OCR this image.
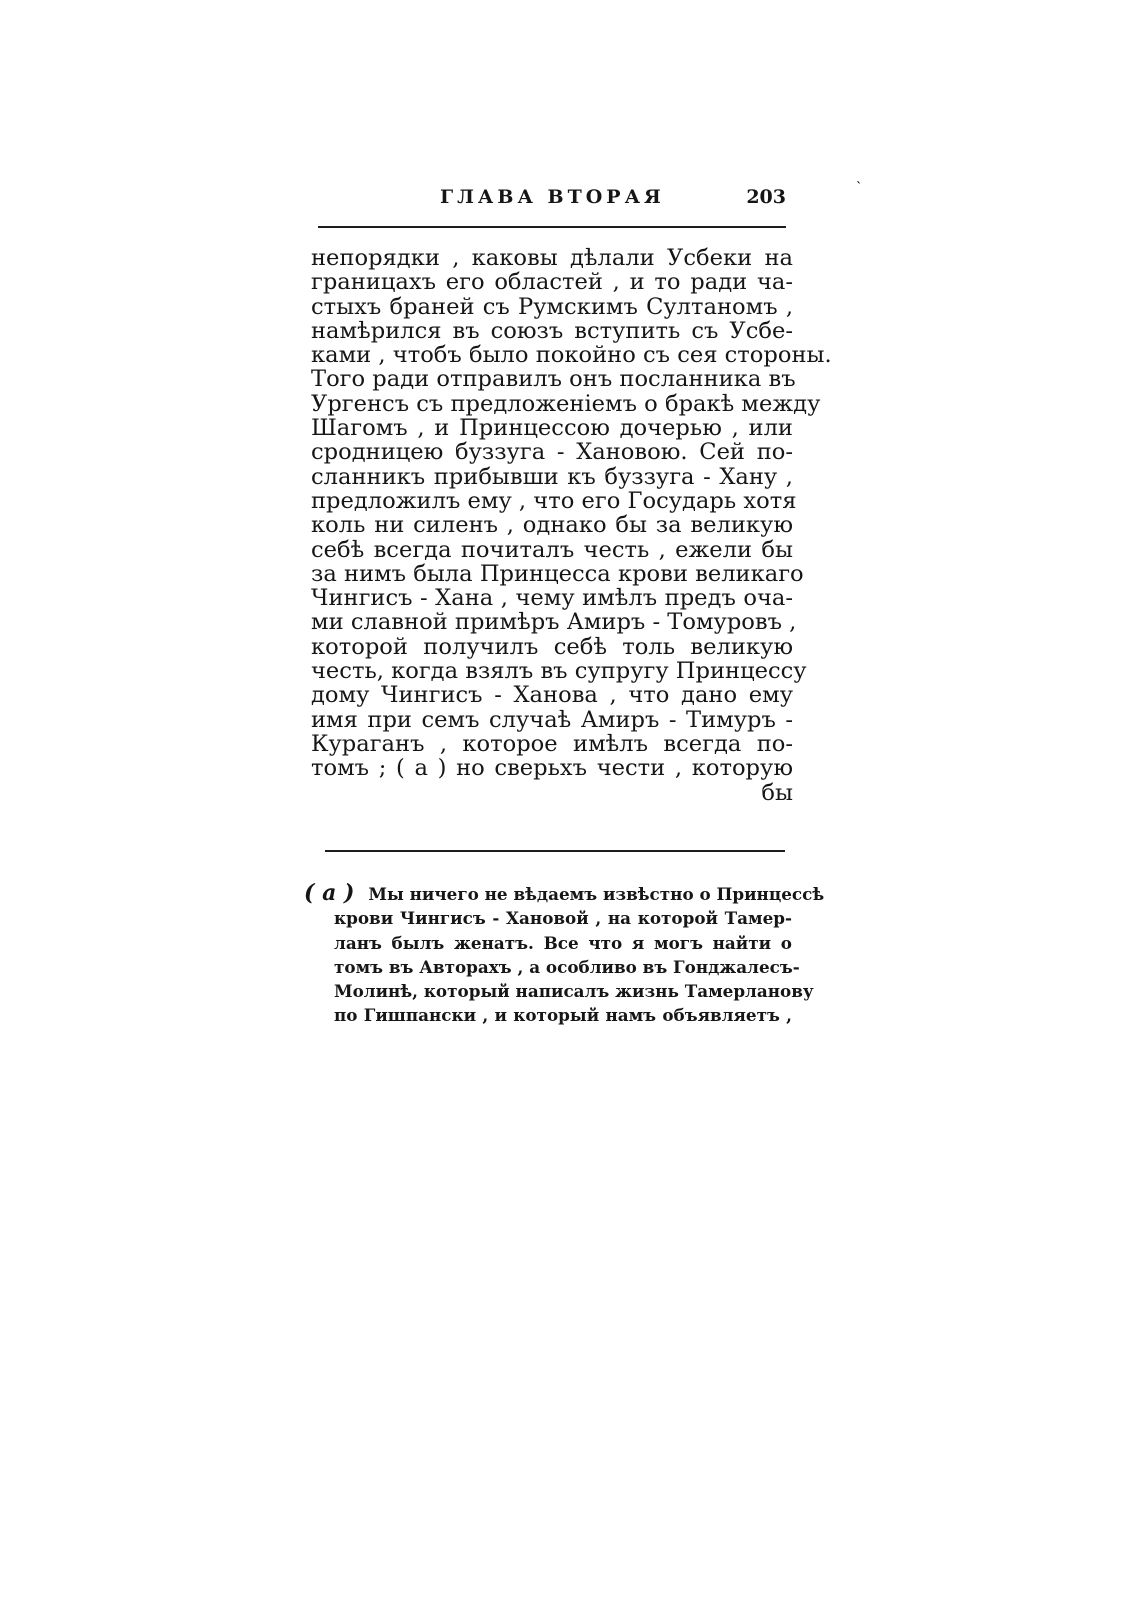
ГЛАВА ВТОРАЯ	203	`
непорядки , каковы дѣлали Усбеки на
границахъ его областей , и то ради ча-
стыхъ браней съ Румскимъ Султаномъ ,
намѣрился въ союзъ вступить съ Усбе-
ками , чтобъ было покойно съ сея стороны.
Того ради отправилъ онъ посланника въ
Ургенсъ съ предложенiемъ о бракѣ между
Шагомъ , и Принцессою дочерью , или
сродницею буззуга - Хановою. Сей по-
сланникъ прибывши къ буззуга - Хану ,
предложилъ ему , что его Государь хотя
коль ни силенъ , однако бы за великую
себѣ всегда почиталъ честь , ежели бы
за нимъ была Принцесса крови великаго
Чингисъ - Хана , чему имѣлъ предъ оча-
ми славной примѣръ Амиръ - Томуровъ ,
которой получилъ себѣ толь великую
честь, когда взялъ въ супругу Принцессу
дому Чингисъ - Ханова , что дано ему
имя при семъ случаѣ Амиръ - Тимуръ -
Кураганъ , которое имѣлъ всегда по-
томъ ; ( а ) но сверьхъ чести , которую
бы
( а ) Мы ничего не вѣдаемъ извѣстно о Принцессѣ
крови Чингисъ - Хановой , на которой Тамер-
ланъ былъ женатъ. Все что я могъ найти о
томъ въ Авторахъ , а особливо въ Гонджалесъ-
Молинѣ, который написалъ жизнь Тамерланову
по Гишпански , и который намъ объявляетъ ,
